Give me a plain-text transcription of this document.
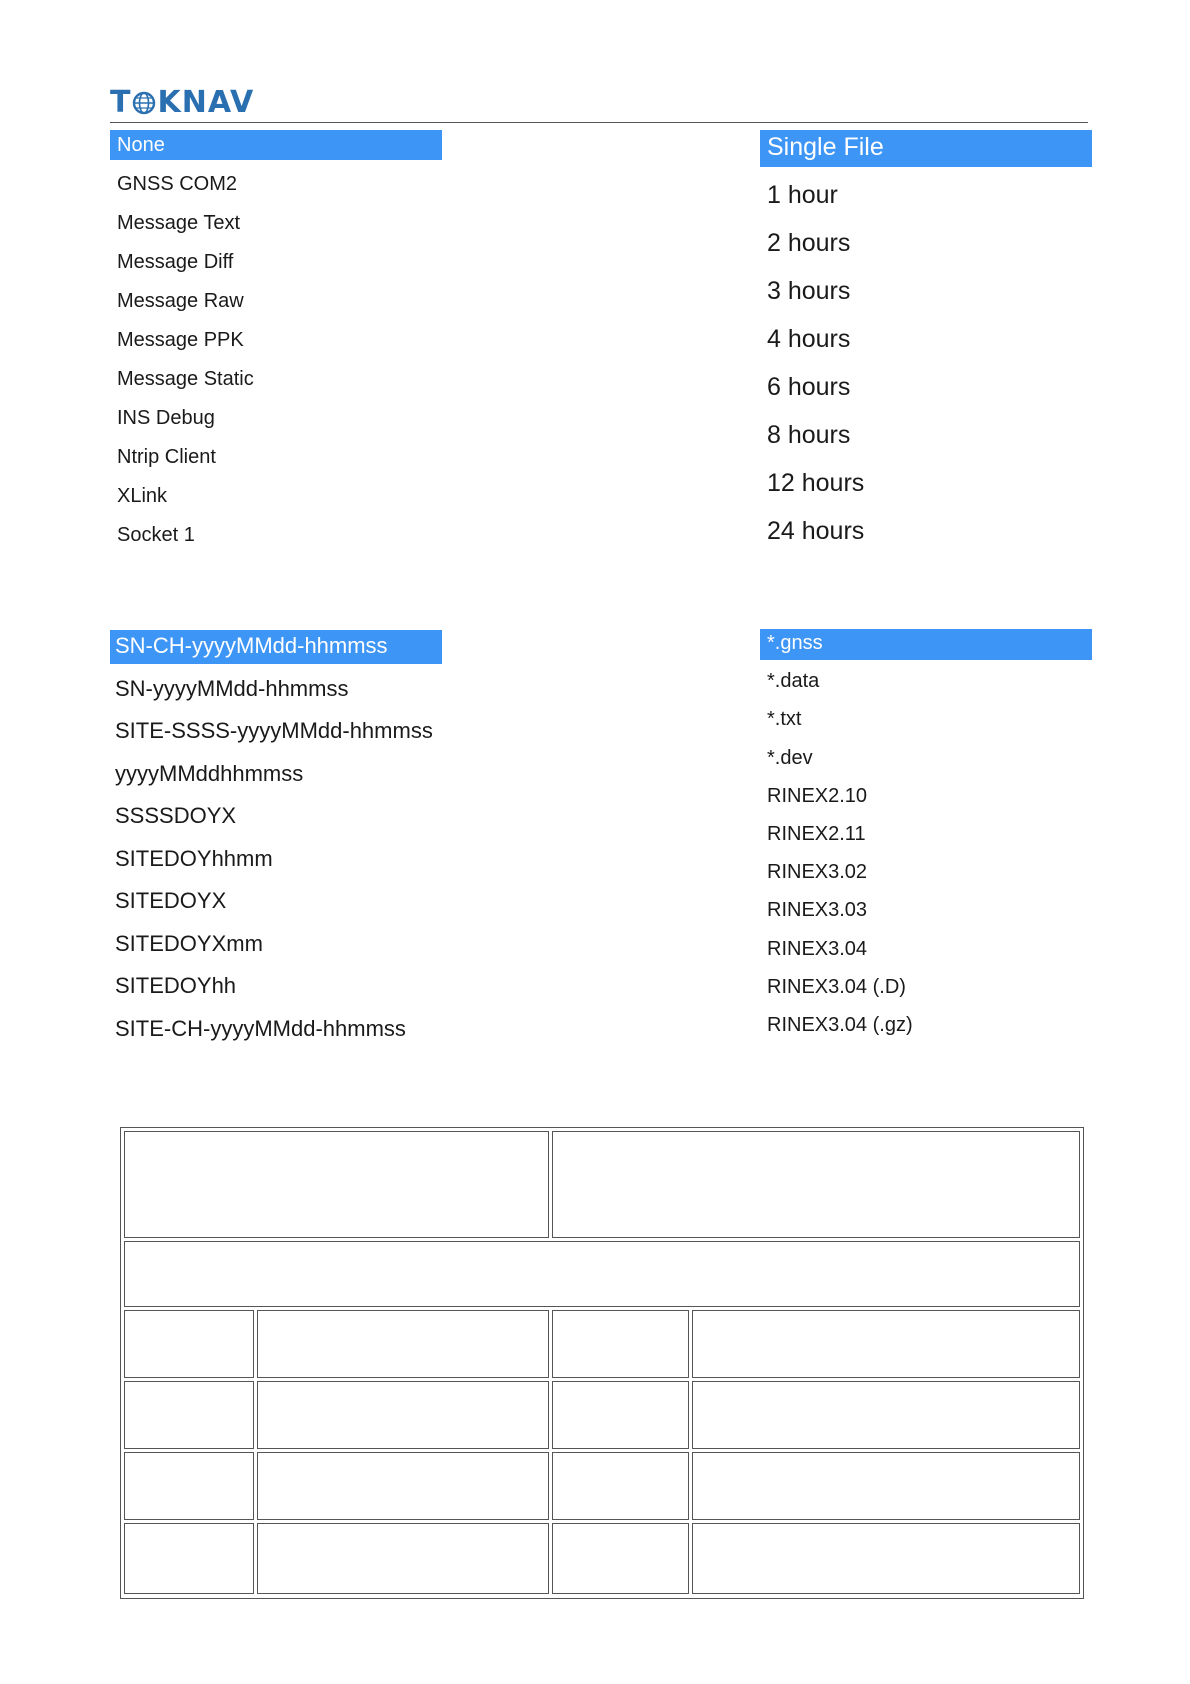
T KNAV
None
GNSS COM2
Message Text
Message Diff
Message Raw
Message PPK
Message Static
INS Debug
Ntrip Client
XLink
Socket 1
Single File
1 hour
2 hours
3 hours
4 hours
6 hours
8 hours
12 hours
24 hours
SN-CH-yyyyMMdd-hhmmss
SN-yyyyMMdd-hhmmss
SITE-SSSS-yyyyMMdd-hhmmss
yyyyMMddhhmmss
SSSSDOYX
SITEDOYhhmm
SITEDOYX
SITEDOYXmm
SITEDOYhh
SITE-CH-yyyyMMdd-hhmmss
*.gnss
*.data
*.txt
*.dev
RINEX2.10
RINEX2.11
RINEX3.02
RINEX3.03
RINEX3.04
RINEX3.04 (.D)
RINEX3.04 (.gz)
